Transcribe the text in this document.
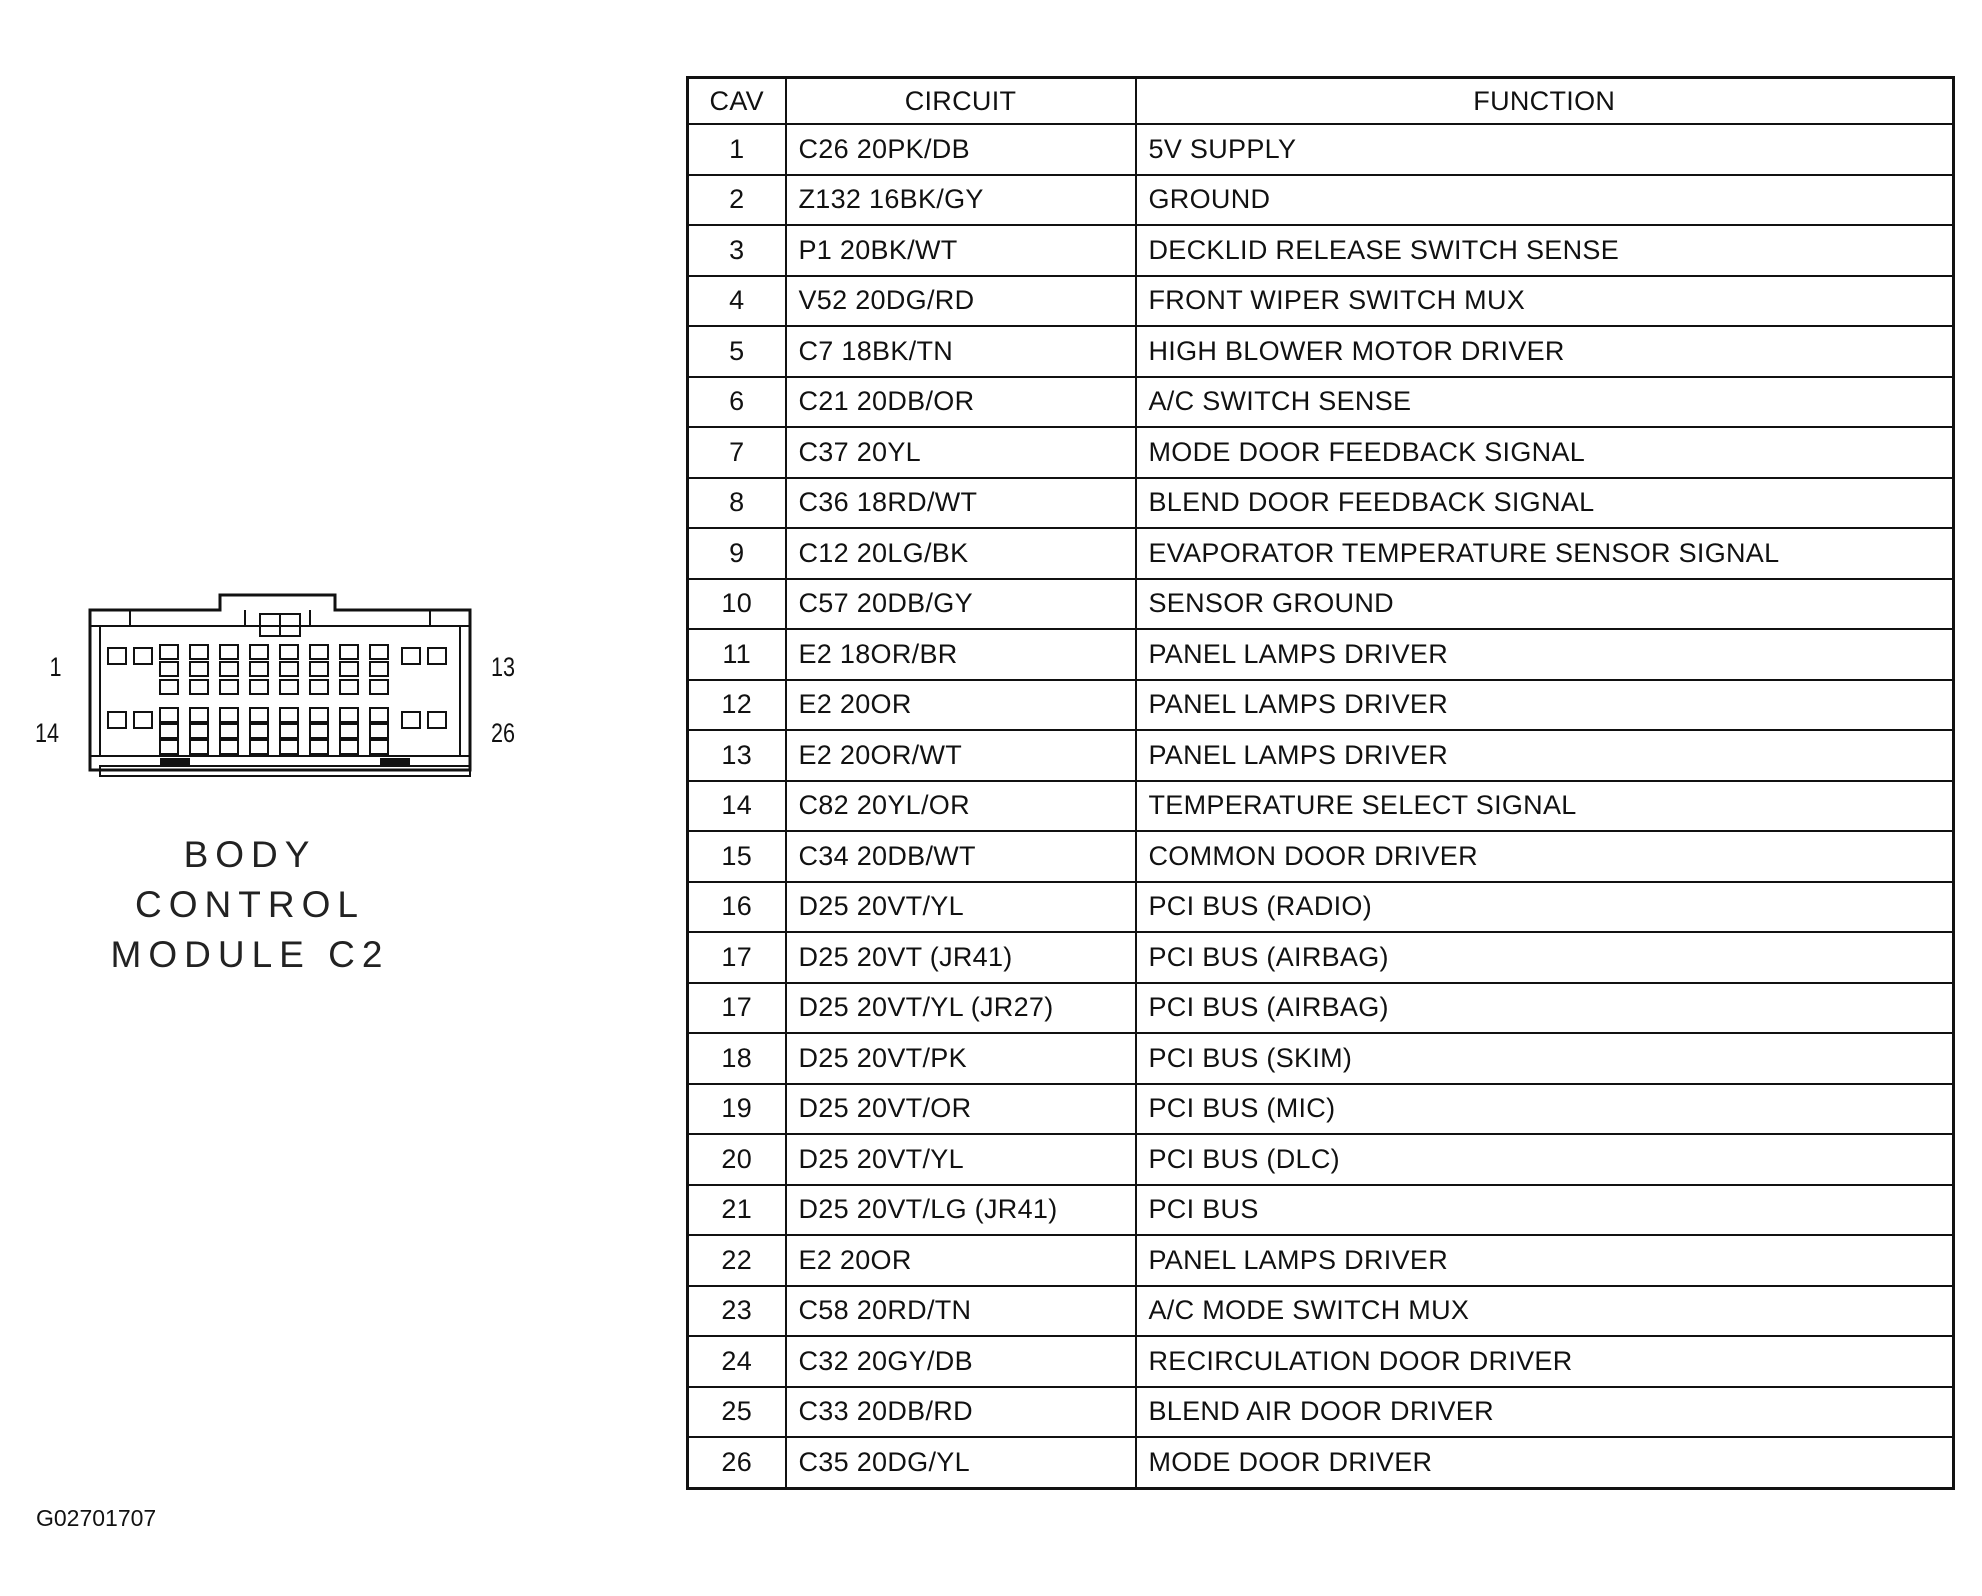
1	13
14	26
BODY CONTROL
MODULE C2
CAV	CIRCUIT	FUNCTION
1	C26 20PK/DB	5V SUPPLY
2	Z132 16BK/GY	GROUND
3	P1 20BK/WT	DECKLID RELEASE SWITCH SENSE
4	V52 20DG/RD	FRONT WIPER SWITCH MUX
5	C7 18BK/TN	HIGH BLOWER MOTOR DRIVER
6	C21 20DB/OR	A/C SWITCH SENSE
7	C37 20YL	MODE DOOR FEEDBACK SIGNAL
8	C36 18RD/WT	BLEND DOOR FEEDBACK SIGNAL
9	C12 20LG/BK	EVAPORATOR TEMPERATURE SENSOR SIGNAL
10	C57 20DB/GY	SENSOR GROUND
11	E2 18OR/BR	PANEL LAMPS DRIVER
12	E2 20OR	PANEL LAMPS DRIVER
13	E2 20OR/WT	PANEL LAMPS DRIVER
14	C82 20YL/OR	TEMPERATURE SELECT SIGNAL
15	C34 20DB/WT	COMMON DOOR DRIVER
16	D25 20VT/YL	PCI BUS (RADIO)
17	D25 20VT (JR41)	PCI BUS (AIRBAG)
17	D25 20VT/YL (JR27)	PCI BUS (AIRBAG)
18	D25 20VT/PK	PCI BUS (SKIM)
19	D25 20VT/OR	PCI BUS (MIC)
20	D25 20VT/YL	PCI BUS (DLC)
21	D25 20VT/LG (JR41)	PCI BUS
22	E2 20OR	PANEL LAMPS DRIVER
23	C58 20RD/TN	A/C MODE SWITCH MUX
24	C32 20GY/DB	RECIRCULATION DOOR DRIVER
25	C33 20DB/RD	BLEND AIR DOOR DRIVER
26	C35 20DG/YL	MODE DOOR DRIVER
G02701707
